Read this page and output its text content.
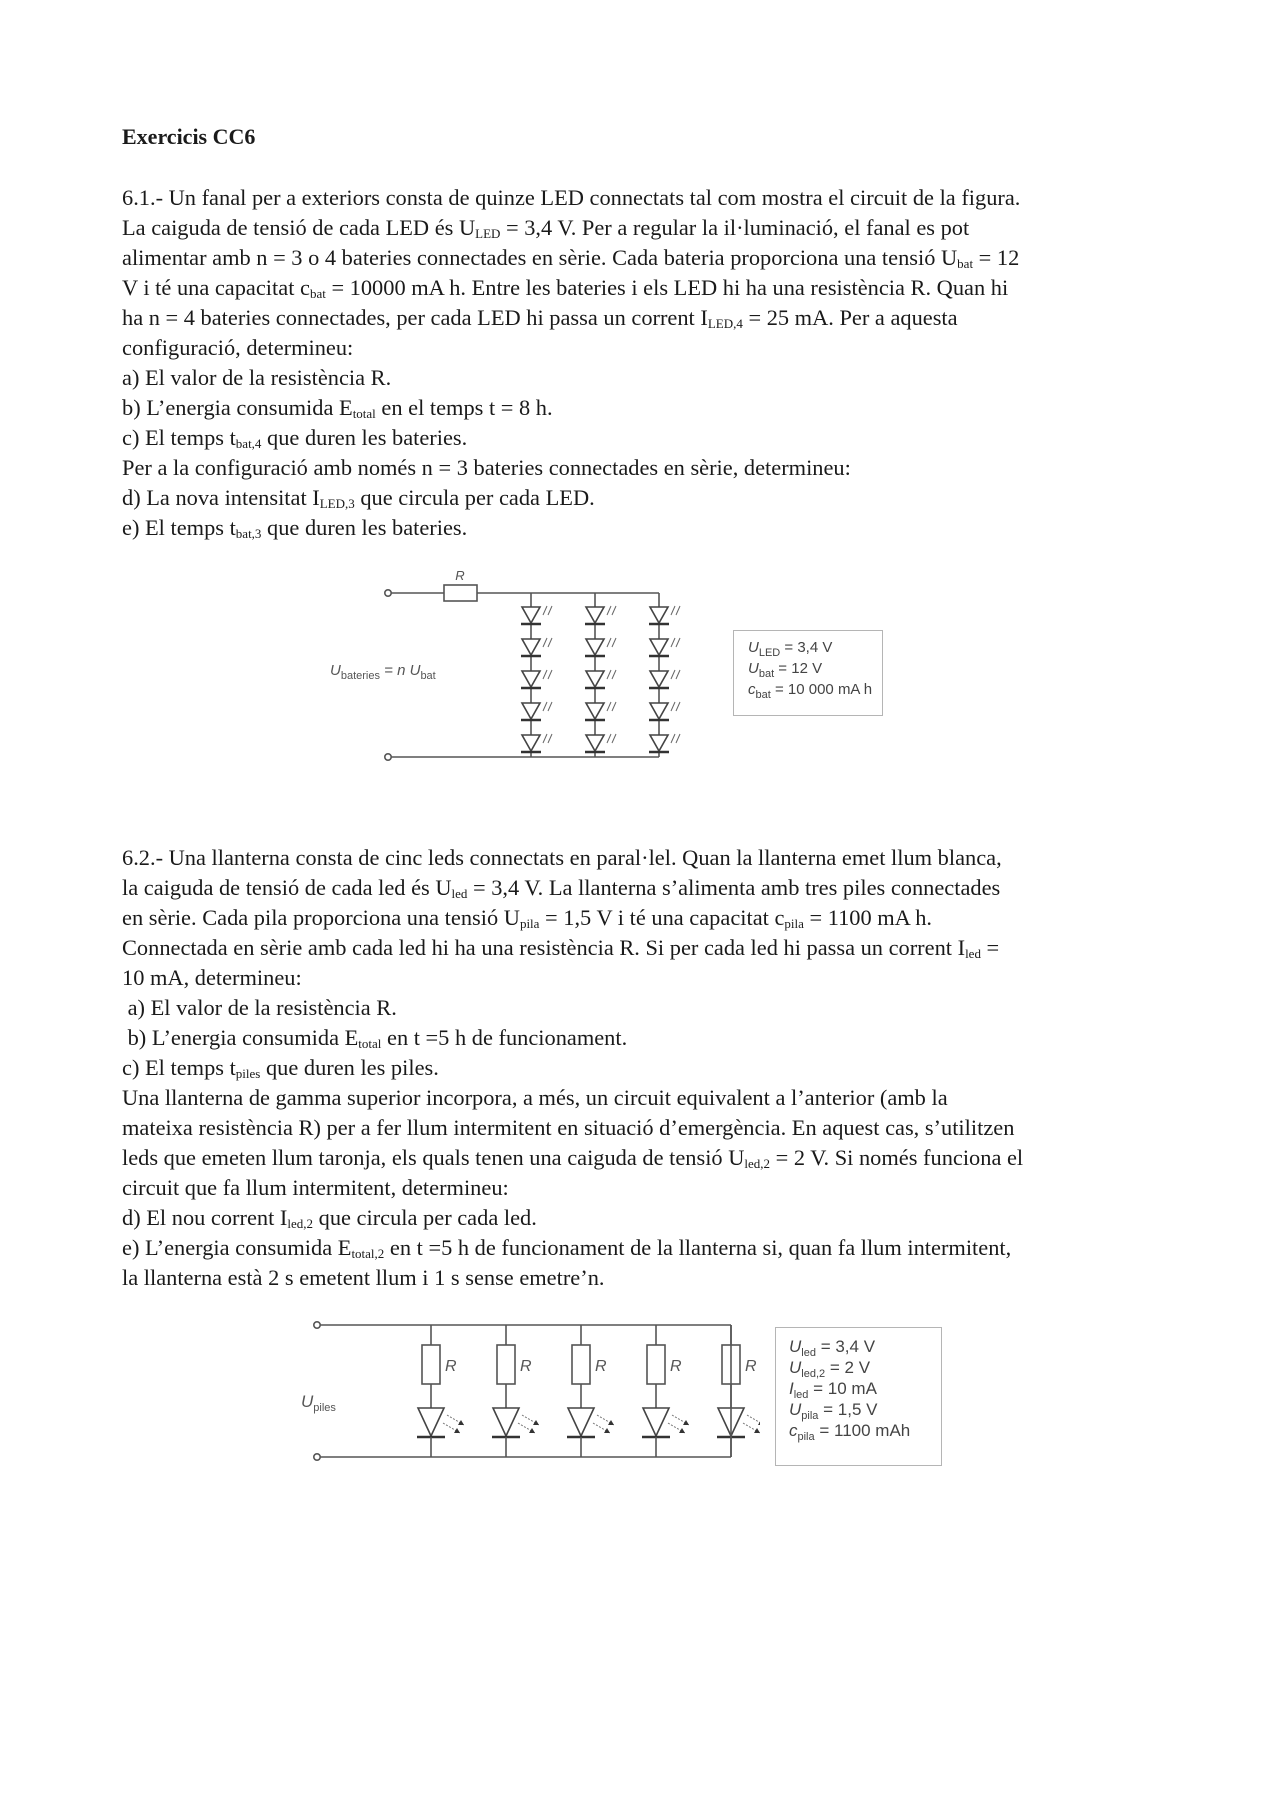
Exercicis CC6
6.1.- Un fanal per a exteriors consta de quinze LED connectats tal com mostra el circuit de la figura.
La caiguda de tensió de cada LED és $U_{LED} = 3,4$ V. Per a regular la il·luminació, el fanal es pot
alimentar amb n = 3 o 4 bateries connectades en sèrie. Cada bateria proporciona una tensió $U_{bat} = 12$
V i té una capacitat $c_{bat} = 10000$ mA h. Entre les bateries i els LED hi ha una resistència R. Quan hi
ha n = 4 bateries connectades, per cada LED hi passa un corrent $I_{LED,4} = 25$ mA. Per a aquesta
configuració, determineu:
a) El valor de la resistència R.
b) L’energia consumida $E_{total}$ en el temps t = 8 h.
c) El temps $t_{bat,4}$ que duren les bateries.
Per a la configuració amb només n = 3 bateries connectades en sèrie, determineu:
d) La nova intensitat $I_{LED,3}$ que circula per cada LED.
e) El temps $t_{bat,3}$ que duren les bateries.
R
$U_{bateries} = n$ $U_{bat}$
$U_{LED} = 3,4$ V
$U_{bat} = 12$ V
$c_{bat} = 10$ 000 mA h
6.2.- Una llanterna consta de cinc leds connectats en paral·lel. Quan la llanterna emet llum blanca,
la caiguda de tensió de cada led és $U_{led} = 3,4$ V. La llanterna s’alimenta amb tres piles connectades
en sèrie. Cada pila proporciona una tensió $U_{pila} = 1,5$ V i té una capacitat $c_{pila} = 1100$ mA h.
Connectada en sèrie amb cada led hi ha una resistència R. Si per cada led hi passa un corrent $I_{led}$ =
10 mA, determineu:
a) El valor de la resistència R.
b) L’energia consumida $E_{total}$ en t =5 h de funcionament.
c) El temps $t_{piles}$ que duren les piles.
Una llanterna de gamma superior incorpora, a més, un circuit equivalent a l’anterior (amb la
mateixa resistència R) per a fer llum intermitent en situació d’emergència. En aquest cas, s’utilitzen
leds que emeten llum taronja, els quals tenen una caiguda de tensió $U_{led,2} = 2$ V. Si només funciona el
circuit que fa llum intermitent, determineu:
d) El nou corrent $I_{led,2}$ que circula per cada led.
e) L’energia consumida $E_{total,2}$ en t =5 h de funcionament de la llanterna si, quan fa llum intermitent,
la llanterna està 2 s emetent llum i 1 s sense emetre’n.
R	R	R	R	R
$U_{piles}$
$U_{led} = 3,4$ V
$U_{led,2} = 2$ V
$I_{led} = 10$ mA
$U_{pila} = 1,5$ V
$c_{pila} = 1100$ mAh
